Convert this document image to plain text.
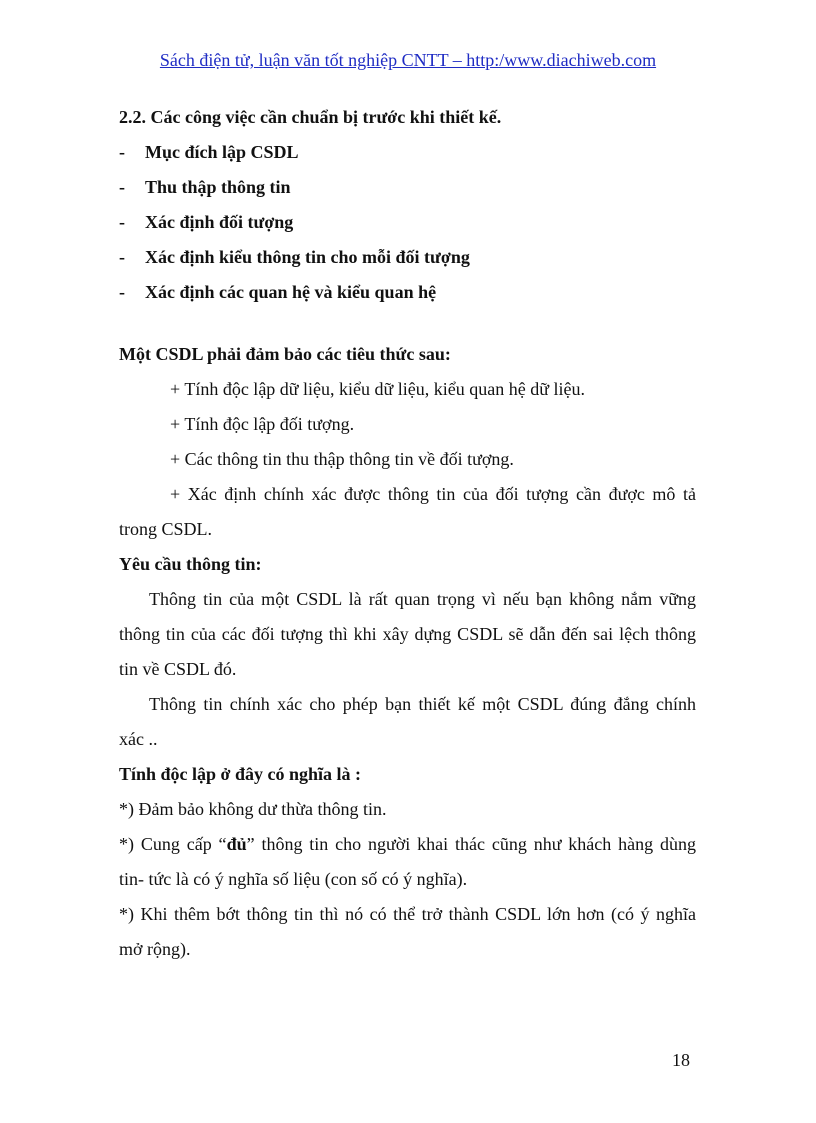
Sách điện tử, luận văn tốt nghiệp CNTT – http:/www.diachiweb.com
2.2. Các công việc cần chuẩn bị trước khi thiết kế.
- Mục đích lập CSDL
- Thu thập thông tin
- Xác định đối tượng
- Xác định kiểu thông tin cho mỗi đối tượng
- Xác định các quan hệ và kiểu quan hệ
Một CSDL phải đảm bảo các tiêu thức sau:
+ Tính độc lập dữ liệu, kiểu dữ liệu, kiểu quan hệ dữ liệu.
+ Tính độc lập đối tượng.
+ Các thông tin thu thập thông tin về đối tượng.
+ Xác định chính xác được thông tin của đối tượng cần được mô tả
trong CSDL.
Yêu cầu thông tin:
Thông tin của một CSDL là rất quan trọng vì nếu bạn không nắm vững
thông tin của các đối tượng thì khi xây dựng CSDL sẽ dẫn đến sai lệch thông
tin về CSDL đó.
Thông tin chính xác cho phép bạn thiết kế một CSDL đúng đắng chính
xác ..
Tính độc lập ở đây có nghĩa là :
*) Đảm bảo không dư thừa thông tin.
*) Cung cấp “đủ” thông tin cho người khai thác cũng như khách hàng dùng
tin- tức là có ý nghĩa số liệu (con số có ý nghĩa).
*) Khi thêm bớt thông tin thì nó có thể trở thành CSDL lớn hơn (có ý nghĩa
mở rộng).
18
